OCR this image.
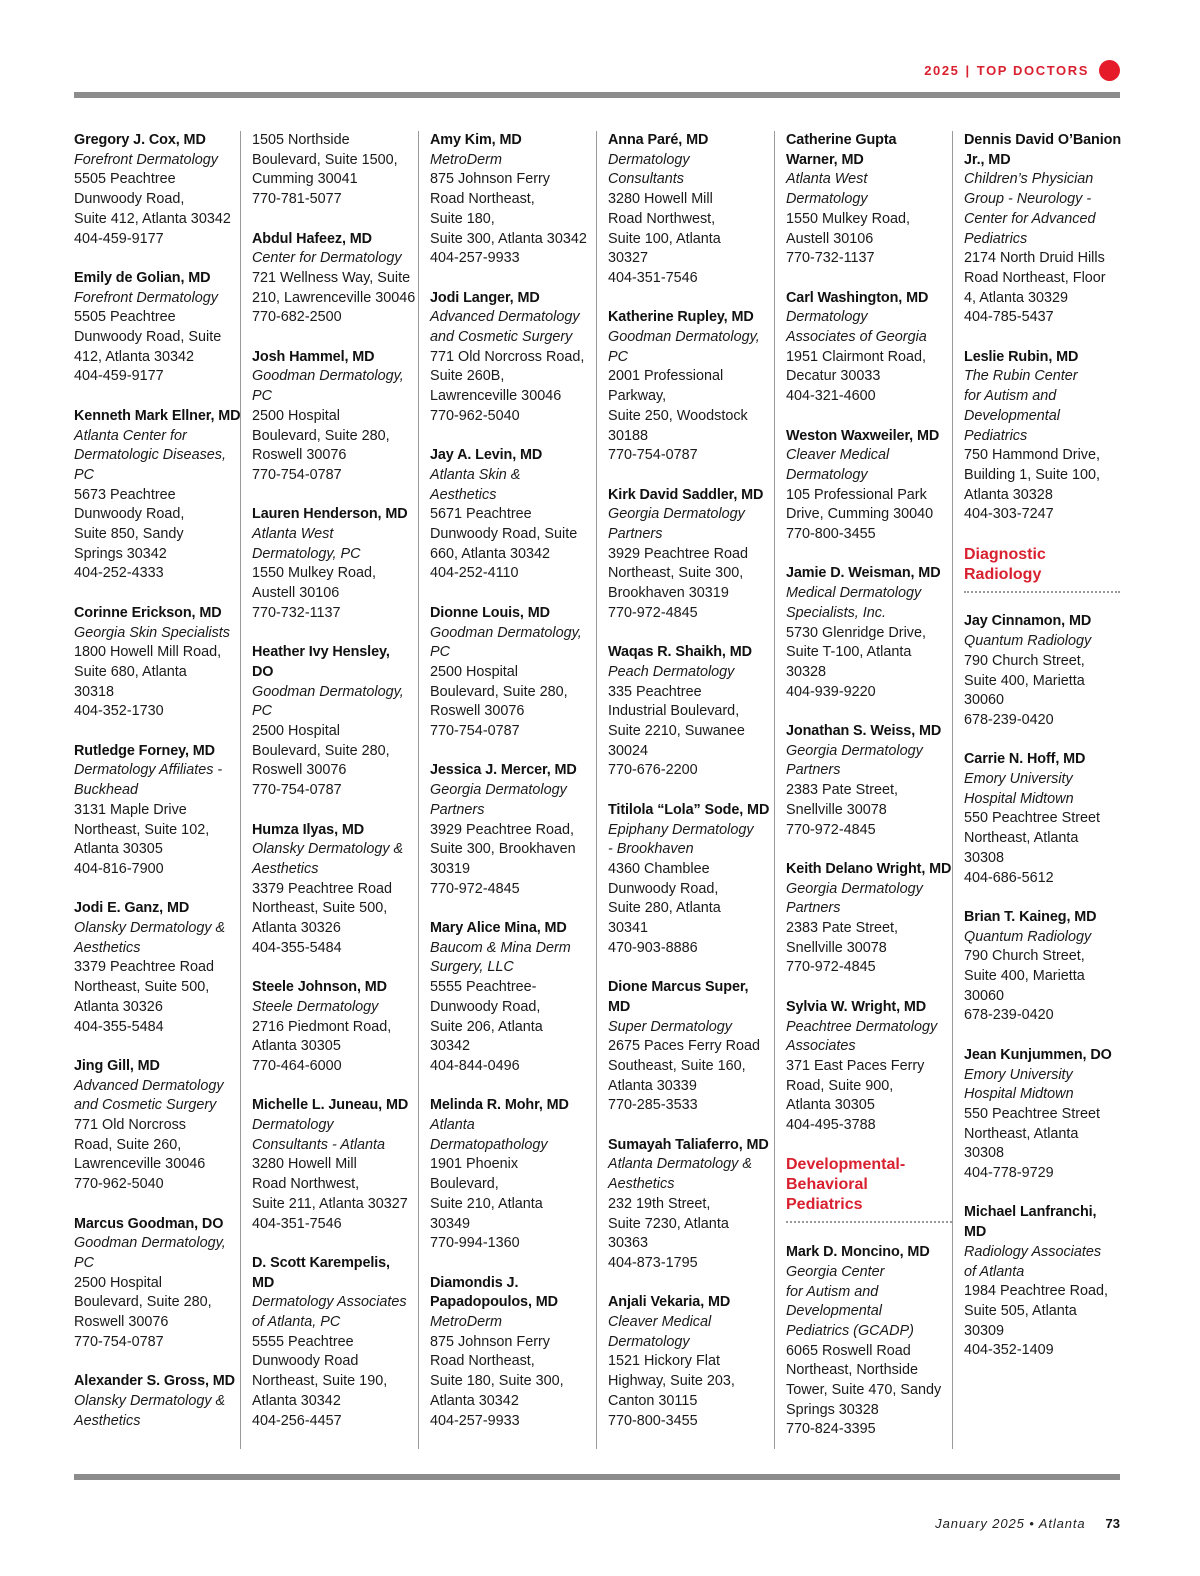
2025 | TOP DOCTORS
Gregory J. Cox, MD
Forefront Dermatology
5505 Peachtree
Dunwoody Road,
Suite 412, Atlanta 30342
404-459-9177
Emily de Golian, MD
Forefront Dermatology
5505 Peachtree
Dunwoody Road, Suite
412, Atlanta 30342
404-459-9177
Kenneth Mark Ellner, MD
Atlanta Center for
Dermatologic Diseases,
PC
5673 Peachtree
Dunwoody Road,
Suite 850, Sandy
Springs 30342
404-252-4333
Corinne Erickson, MD
Georgia Skin Specialists
1800 Howell Mill Road,
Suite 680, Atlanta
30318
404-352-1730
Rutledge Forney, MD
Dermatology Affiliates -
Buckhead
3131 Maple Drive
Northeast, Suite 102,
Atlanta 30305
404-816-7900
Jodi E. Ganz, MD
Olansky Dermatology &
Aesthetics
3379 Peachtree Road
Northeast, Suite 500,
Atlanta 30326
404-355-5484
Jing Gill, MD
Advanced Dermatology
and Cosmetic Surgery
771 Old Norcross
Road, Suite 260,
Lawrenceville 30046
770-962-5040
Marcus Goodman, DO
Goodman Dermatology,
PC
2500 Hospital
Boulevard, Suite 280,
Roswell 30076
770-754-0787
Alexander S. Gross, MD
Olansky Dermatology &
Aesthetics
1505 Northside
Boulevard, Suite 1500,
Cumming 30041
770-781-5077
Abdul Hafeez, MD
Center for Dermatology
721 Wellness Way, Suite
210, Lawrenceville 30046
770-682-2500
Josh Hammel, MD
Goodman Dermatology,
PC
2500 Hospital
Boulevard, Suite 280,
Roswell 30076
770-754-0787
Lauren Henderson, MD
Atlanta West
Dermatology, PC
1550 Mulkey Road,
Austell 30106
770-732-1137
Heather Ivy Hensley,
DO
Goodman Dermatology,
PC
2500 Hospital
Boulevard, Suite 280,
Roswell 30076
770-754-0787
Humza Ilyas, MD
Olansky Dermatology &
Aesthetics
3379 Peachtree Road
Northeast, Suite 500,
Atlanta 30326
404-355-5484
Steele Johnson, MD
Steele Dermatology
2716 Piedmont Road,
Atlanta 30305
770-464-6000
Michelle L. Juneau, MD
Dermatology
Consultants - Atlanta
3280 Howell Mill
Road Northwest,
Suite 211, Atlanta 30327
404-351-7546
D. Scott Karempelis,
MD
Dermatology Associates
of Atlanta, PC
5555 Peachtree
Dunwoody Road
Northeast, Suite 190,
Atlanta 30342
404-256-4457
Amy Kim, MD
MetroDerm
875 Johnson Ferry
Road Northeast,
Suite 180,
Suite 300, Atlanta 30342
404-257-9933
Jodi Langer, MD
Advanced Dermatology
and Cosmetic Surgery
771 Old Norcross Road,
Suite 260B,
Lawrenceville 30046
770-962-5040
Jay A. Levin, MD
Atlanta Skin &
Aesthetics
5671 Peachtree
Dunwoody Road, Suite
660, Atlanta 30342
404-252-4110
Dionne Louis, MD
Goodman Dermatology,
PC
2500 Hospital
Boulevard, Suite 280,
Roswell 30076
770-754-0787
Jessica J. Mercer, MD
Georgia Dermatology
Partners
3929 Peachtree Road,
Suite 300, Brookhaven
30319
770-972-4845
Mary Alice Mina, MD
Baucom & Mina Derm
Surgery, LLC
5555 Peachtree-
Dunwoody Road,
Suite 206, Atlanta
30342
404-844-0496
Melinda R. Mohr, MD
Atlanta
Dermatopathology
1901 Phoenix
Boulevard,
Suite 210, Atlanta
30349
770-994-1360
Diamondis J.
Papadopoulos, MD
MetroDerm
875 Johnson Ferry
Road Northeast,
Suite 180, Suite 300,
Atlanta 30342
404-257-9933
Anna Paré, MD
Dermatology
Consultants
3280 Howell Mill
Road Northwest,
Suite 100, Atlanta
30327
404-351-7546
Katherine Rupley, MD
Goodman Dermatology,
PC
2001 Professional
Parkway,
Suite 250, Woodstock
30188
770-754-0787
Kirk David Saddler, MD
Georgia Dermatology
Partners
3929 Peachtree Road
Northeast, Suite 300,
Brookhaven 30319
770-972-4845
Waqas R. Shaikh, MD
Peach Dermatology
335 Peachtree
Industrial Boulevard,
Suite 2210, Suwanee
30024
770-676-2200
Titilola “Lola” Sode, MD
Epiphany Dermatology
- Brookhaven
4360 Chamblee
Dunwoody Road,
Suite 280, Atlanta
30341
470-903-8886
Dione Marcus Super,
MD
Super Dermatology
2675 Paces Ferry Road
Southeast, Suite 160,
Atlanta 30339
770-285-3533
Sumayah Taliaferro, MD
Atlanta Dermatology &
Aesthetics
232 19th Street,
Suite 7230, Atlanta
30363
404-873-1795
Anjali Vekaria, MD
Cleaver Medical
Dermatology
1521 Hickory Flat
Highway, Suite 203,
Canton 30115
770-800-3455
Catherine Gupta
Warner, MD
Atlanta West
Dermatology
1550 Mulkey Road,
Austell 30106
770-732-1137
Carl Washington, MD
Dermatology
Associates of Georgia
1951 Clairmont Road,
Decatur 30033
404-321-4600
Weston Waxweiler, MD
Cleaver Medical
Dermatology
105 Professional Park
Drive, Cumming 30040
770-800-3455
Jamie D. Weisman, MD
Medical Dermatology
Specialists, Inc.
5730 Glenridge Drive,
Suite T-100, Atlanta
30328
404-939-9220
Jonathan S. Weiss, MD
Georgia Dermatology
Partners
2383 Pate Street,
Snellville 30078
770-972-4845
Keith Delano Wright, MD
Georgia Dermatology
Partners
2383 Pate Street,
Snellville 30078
770-972-4845
Sylvia W. Wright, MD
Peachtree Dermatology
Associates
371 East Paces Ferry
Road, Suite 900,
Atlanta 30305
404-495-3788
Developmental-
Behavioral
Pediatrics
Mark D. Moncino, MD
Georgia Center
for Autism and
Developmental
Pediatrics (GCADP)
6065 Roswell Road
Northeast, Northside
Tower, Suite 470, Sandy
Springs 30328
770-824-3395
Dennis David O’Banion
Jr., MD
Children’s Physician
Group - Neurology -
Center for Advanced
Pediatrics
2174 North Druid Hills
Road Northeast, Floor
4, Atlanta 30329
404-785-5437
Leslie Rubin, MD
The Rubin Center
for Autism and
Developmental
Pediatrics
750 Hammond Drive,
Building 1, Suite 100,
Atlanta 30328
404-303-7247
Diagnostic
Radiology
Jay Cinnamon, MD
Quantum Radiology
790 Church Street,
Suite 400, Marietta
30060
678-239-0420
Carrie N. Hoff, MD
Emory University
Hospital Midtown
550 Peachtree Street
Northeast, Atlanta
30308
404-686-5612
Brian T. Kaineg, MD
Quantum Radiology
790 Church Street,
Suite 400, Marietta
30060
678-239-0420
Jean Kunjummen, DO
Emory University
Hospital Midtown
550 Peachtree Street
Northeast, Atlanta
30308
404-778-9729
Michael Lanfranchi,
MD
Radiology Associates
of Atlanta
1984 Peachtree Road,
Suite 505, Atlanta
30309
404-352-1409
January 2025 • Atlanta 73
